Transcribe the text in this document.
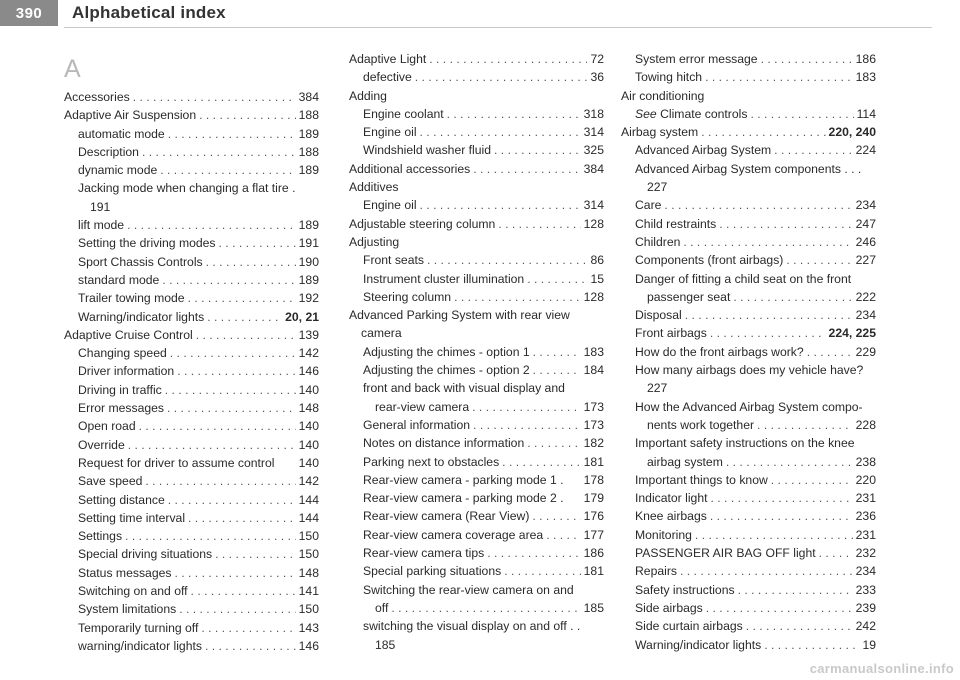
390	Alphabetical index
A
Accessories . . .	384
Adaptive Air Suspension . . .	188
automatic mode . . .	189
Description . . .	188
dynamic mode . . .	189
Jacking mode when changing a flat tire .
191
lift mode . . .	189
Setting the driving modes . . .	191
Sport Chassis Controls . . .	190
standard mode . . .	189
Trailer towing mode . . .	192
Warning/indicator lights . . .	20, 21
Adaptive Cruise Control . . .	139
Changing speed . . .	142
Driver information . . .	146
Driving in traffic . . .	140
Error messages . . .	148
Open road . . .	140
Override . . .	140
Request for driver to assume control	140
Save speed . . .	142
Setting distance . . .	144
Setting time interval . . .	144
Settings . . .	150
Special driving situations . . .	150
Status messages . . .	148
Switching on and off . . .	141
System limitations . . .	150
Temporarily turning off . . .	143
warning/indicator lights . . .	146
Adaptive Light . . .	72
defective . . .	36
Adding
Engine coolant . . .	318
Engine oil . . .	314
Windshield washer fluid . . .	325
Additional accessories . . .	384
Additives
Engine oil . . .	314
Adjustable steering column . . .	128
Adjusting
Front seats . . .	86
Instrument cluster illumination . . .	15
Steering column . . .	128
Advanced Parking System with rear view
camera
Adjusting the chimes - option 1 . . .	183
Adjusting the chimes - option 2 . . .	184
front and back with visual display and
rear-view camera . . .	173
General information . . .	173
Notes on distance information . . .	182
Parking next to obstacles . . .	181
Rear-view camera - parking mode 1 .	178
Rear-view camera - parking mode 2 .	179
Rear-view camera (Rear View) . . .	176
Rear-view camera coverage area . . .	177
Rear-view camera tips . . .	186
Special parking situations . . .	181
Switching the rear-view camera on and
off . . .	185
switching the visual display on and off . .
185
System error message . . .	186
Towing hitch . . .	183
Air conditioning
See Climate controls . . .	114
Airbag system . . .	220, 240
Advanced Airbag System . . .	224
Advanced Airbag System components . . .
227
Care . . .	234
Child restraints . . .	247
Children . . .	246
Components (front airbags) . . .	227
Danger of fitting a child seat on the front
passenger seat . . .	222
Disposal . . .	234
Front airbags . . .	224, 225
How do the front airbags work? . . .	229
How many airbags does my vehicle have?
227
How the Advanced Airbag System compo-
nents work together . . .	228
Important safety instructions on the knee
airbag system . . .	238
Important things to know . . .	220
Indicator light . . .	231
Knee airbags . . .	236
Monitoring . . .	231
PASSENGER AIR BAG OFF light . . .	232
Repairs . . .	234
Safety instructions . . .	233
Side airbags . . .	239
Side curtain airbags . . .	242
Warning/indicator lights . . .	19
carmanualsonline.info
